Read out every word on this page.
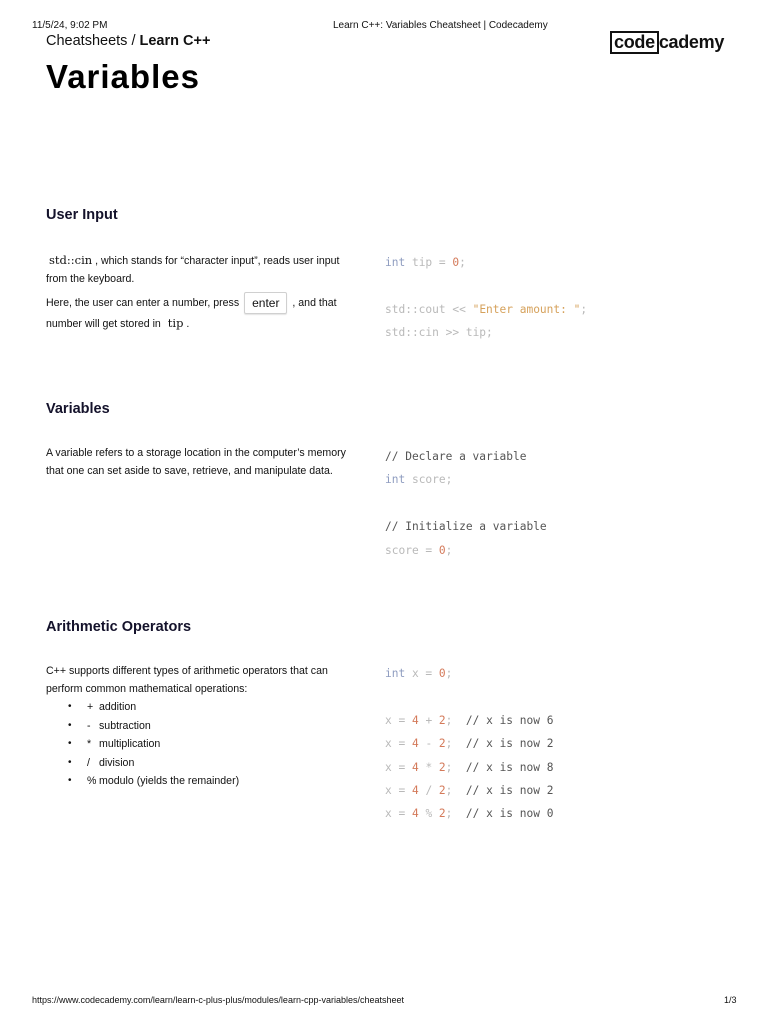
11/5/24, 9:02 PM	Learn C++: Variables Cheatsheet | Codecademy
Cheatsheets / Learn C++	code cademy
Variables
User Input

std::cin , which stands for “character input”, reads user input from the keyboard.

Here, the user can enter a number, press enter , and that number will get stored in tip .

int tip = 0;

std::cout << "Enter amount: ";
std::cin >> tip;
Variables

A variable refers to a storage location in the computer’s memory that one can set aside to save, retrieve, and manipulate data.

// Declare a variable
int score;

// Initialize a variable
score = 0;
Arithmetic Operators

C++ supports different types of arithmetic operators that can perform common mathematical operations:

• + addition
• - subtraction
• * multiplication
• / division
• % modulo (yields the remainder)
int x = 0;

x = 4 + 2;  // x is now 6
x = 4 - 2;  // x is now 2
x = 4 * 2;  // x is now 8
x = 4 / 2;  // x is now 2
x = 4 % 2;  // x is now 0
https://www.codecademy.com/learn/learn-c-plus-plus/modules/learn-cpp-variables/cheatsheet	1/3
